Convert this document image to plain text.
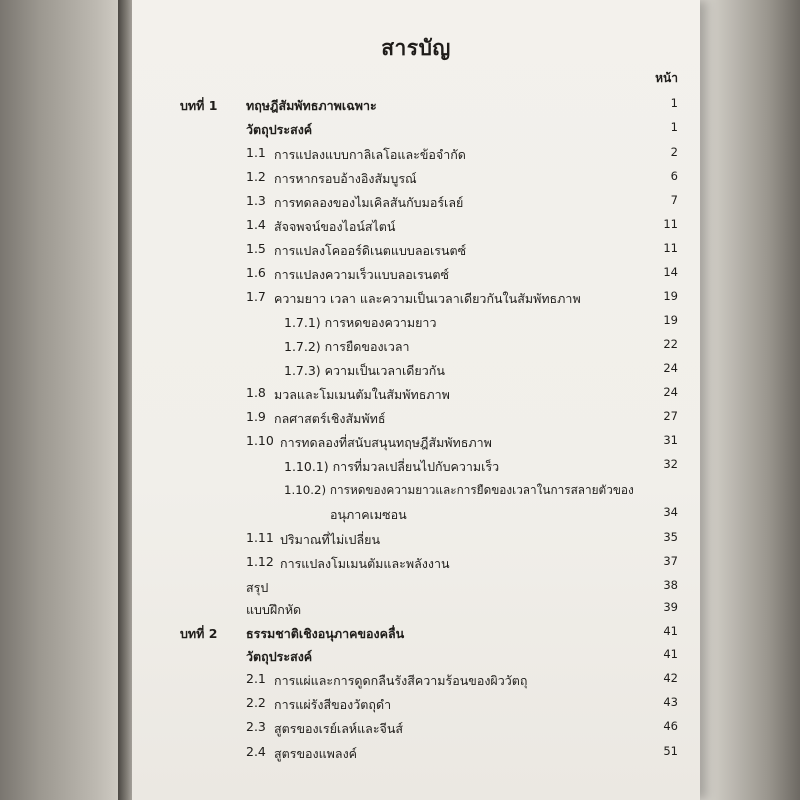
สารบัญ
หน้า
บทที่ 1 ทฤษฎีสัมพัทธภาพเฉพาะ	1
วัตถุประสงค์	1
1.1 การแปลงแบบกาลิเลโอและข้อจำกัด	2
1.2 การหากรอบอ้างอิงสัมบูรณ์	6
1.3 การทดลองของไมเคิลสันกับมอร์เลย์	7
1.4 สัจจพจน์ของไอน์สไตน์	11
1.5 การแปลงโคออร์ดิเนตแบบลอเรนตซ์	11
1.6 การแปลงความเร็วแบบลอเรนตซ์	14
1.7 ความยาว เวลา และความเป็นเวลาเดียวกันในสัมพัทธภาพ	19
1.7.1) การหดของความยาว	19
1.7.2) การยืดของเวลา	22
1.7.3) ความเป็นเวลาเดียวกัน	24
1.8 มวลและโมเมนตัมในสัมพัทธภาพ	24
1.9 กลศาสตร์เชิงสัมพัทธ์	27
1.10 การทดลองที่สนับสนุนทฤษฎีสัมพัทธภาพ	31
1.10.1) การที่มวลเปลี่ยนไปกับความเร็ว	32
1.10.2) การหดของความยาวและการยืดของเวลาในการสลายตัวของ
อนุภาคเมซอน	34
1.11 ปริมาณที่ไม่เปลี่ยน	35
1.12 การแปลงโมเมนตัมและพลังงาน	37
สรุป	38
แบบฝึกหัด	39
บทที่ 2 ธรรมชาติเชิงอนุภาคของคลื่น	41
วัตถุประสงค์	41
2.1 การแผ่และการดูดกลืนรังสีความร้อนของผิววัตถุ	42
2.2 การแผ่รังสีของวัตถุดำ	43
2.3 สูตรของเรย์เลห์และจีนส์	46
2.4 สูตรของแพลงค์	51
